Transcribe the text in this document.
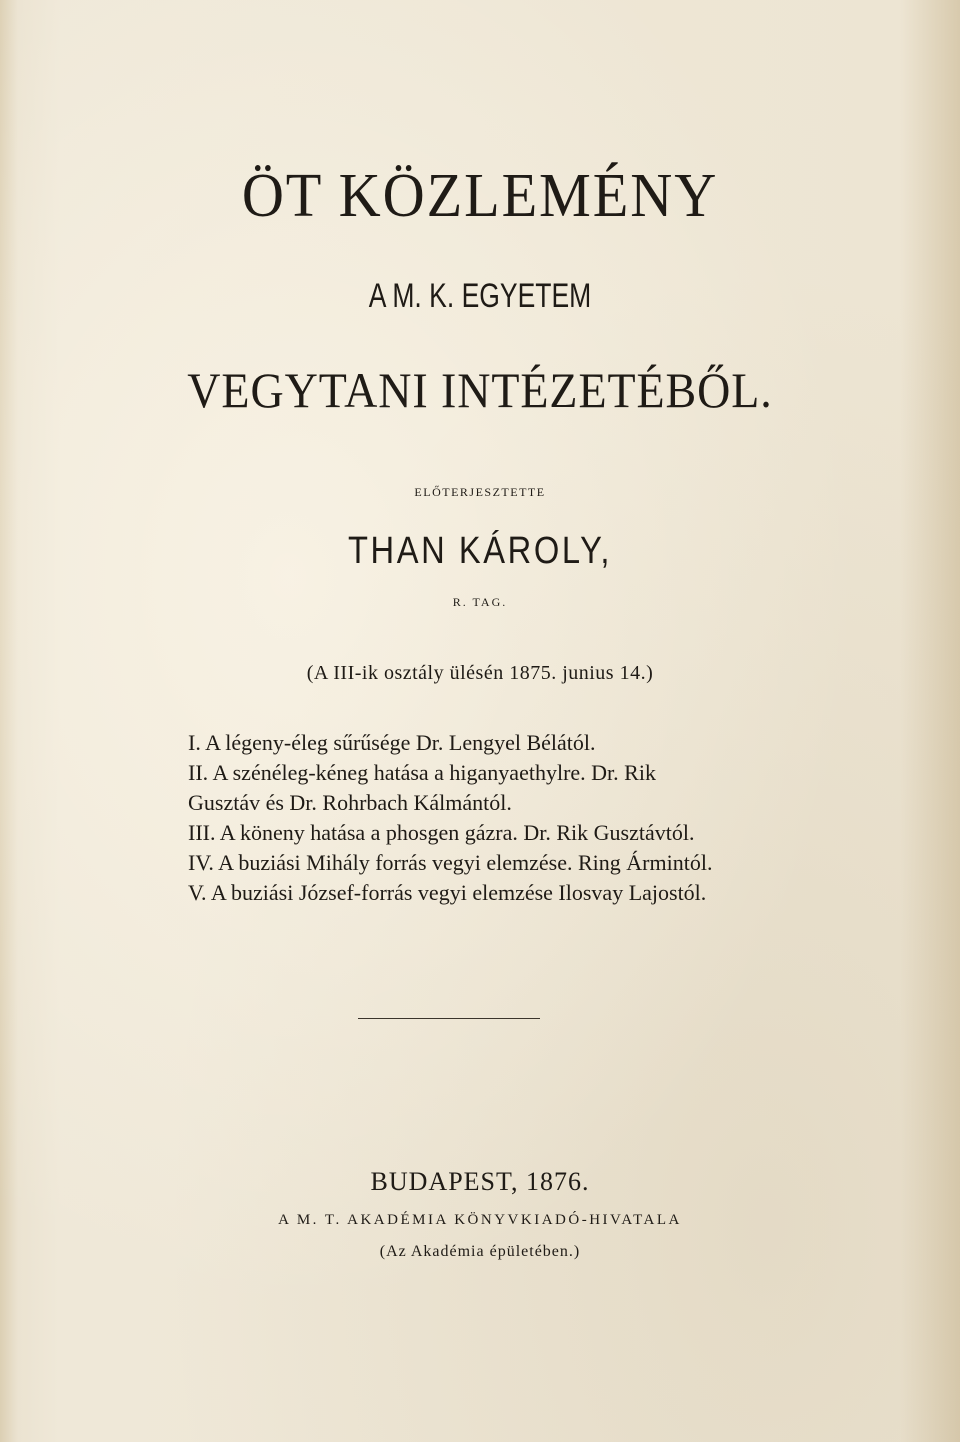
ÖT KÖZLEMÉNY
A M. K. EGYETEM
VEGYTANI INTÉZETÉBŐL.
ELŐTERJESZTETTE
THAN KÁROLY,
R. TAG.
(A III-ik osztály ülésén 1875. junius 14.)
I. A légeny-éleg sűrűsége Dr. Lengyel Bélától.
II. A szénéleg-kéneg hatása a higanyaethylre. Dr. Rik
Gusztáv és Dr. Rohrbach Kálmántól.
III. A köneny hatása a phosgen gázra. Dr. Rik Gusztávtól.
IV. A buziási Mihály forrás vegyi elemzése. Ring Ármintól.
V. A buziási József-forrás vegyi elemzése Ilosvay Lajostól.
BUDAPEST, 1876.
A M. T. AKADÉMIA KÖNYVKIADÓ-HIVATALA
(Az Akadémia épületében.)
